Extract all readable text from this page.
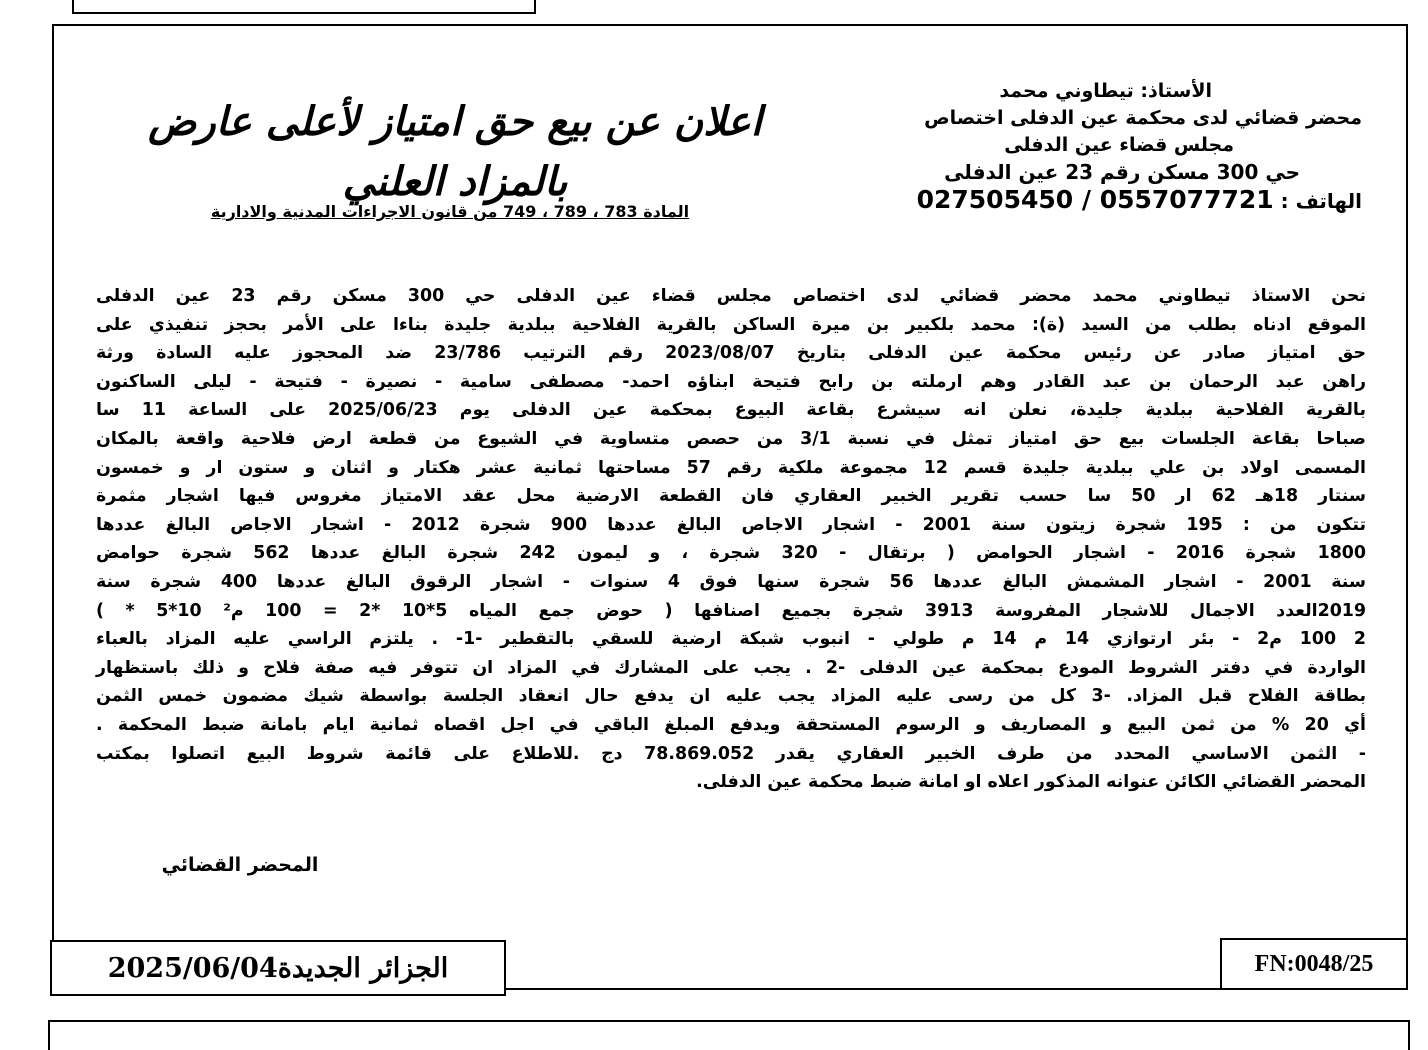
الأستاذ: تيطاوني محمد
محضر قضائي لدى محكمة عين الدفلى اختصاص
مجلس قضاء عين الدفلى
حي 300 مسكن رقم 23 عين الدفلى
الهاتف : 0557077721 / 027505450
اعلان عن بيع حق امتياز لأعلى عارض
بالمزاد العلني
المادة 783 ، 789 ، 749 من قانون الاجراءات المدنية والادارية
نحن الاستاذ تيطاوني محمد محضر قضائي لدى اختصاص مجلس قضاء عين الدفلى حي 300 مسكن رقم 23 عين الدفلى
الموقع ادناه بطلب من السيد (ة): محمد بلكبير بن ميرة الساكن بالقرية الفلاحية ببلدية جليدة بناءا على الأمر بحجز تنفيذي على
حق امتياز صادر عن رئيس محكمة عين الدفلى بتاريخ 2023/08/07 رقم الترتيب 23/786 ضد المحجوز عليه السادة ورثة
راهن عبد الرحمان بن عبد القادر وهم ارملته بن رابح فتيحة ابناؤه احمد- مصطفى سامية - نصيرة - فتيحة - ليلى الساكنون
بالقرية الفلاحية ببلدية جليدة، نعلن انه سيشرع بقاعة البيوع بمحكمة عين الدفلى يوم 2025/06/23 على الساعة 11 سا
صباحا بقاعة الجلسات بيع حق امتياز تمثل في نسبة 3/1 من حصص متساوية في الشيوع من قطعة ارض فلاحية واقعة بالمكان
المسمى اولاد بن علي ببلدية جليدة قسم 12 مجموعة ملكية رقم 57 مساحتها ثمانية عشر هكتار و اثنان و ستون ار و خمسون
سنتار 18هـ 62 ار 50 سا حسب تقرير الخبير العقاري فان القطعة الارضية محل عقد الامتياز مغروس فيها اشجار مثمرة
تتكون من : 195 شجرة زيتون سنة 2001 - اشجار الاجاص البالغ عددها 900 شجرة 2012 - اشجار الاجاص البالغ عددها
1800 شجرة 2016 - اشجار الحوامض ( برتقال - 320 شجرة ، و ليمون 242 شجرة البالغ عددها 562 شجرة حوامض
سنة 2001 - اشجار المشمش البالغ عددها 56 شجرة سنها فوق 4 سنوات - اشجار الرقوق البالغ عددها 400 شجرة سنة
2019العدد الاجمال للاشجار المفروسة 3913 شجرة بجميع اصنافها ( حوض جمع المياه 5*10 *2 = 100 م² 10*5 * )
2 100 م2 - بئر ارتوازي 14 م 14 م طولي - انبوب شبكة ارضية للسقي بالتقطير -1- . يلتزم الراسي عليه المزاد بالعباء
الواردة في دفتر الشروط المودع بمحكمة عين الدفلى -2 . يجب على المشارك في المزاد ان تتوفر فيه صفة فلاح و ذلك باستظهار
بطاقة الفلاح قبل المزاد. -3 كل من رسى عليه المزاد يجب عليه ان يدفع حال انعقاد الجلسة بواسطة شيك مضمون خمس الثمن
أي 20 % من ثمن البيع و المصاريف و الرسوم المستحقة ويدفع المبلغ الباقي في اجل اقصاه ثمانية ايام بامانة ضبط المحكمة .
- الثمن الاساسي المحدد من طرف الخبير العقاري يقدر 78.869.052 دج .للاطلاع على قائمة شروط البيع اتصلوا بمكتب
المحضر القضائي الكائن عنوانه المذكور اعلاه او امانة ضبط محكمة عين الدفلى.
المحضر القضائي
الجزائر الجديدة2025/06/04	FN:0048/25
